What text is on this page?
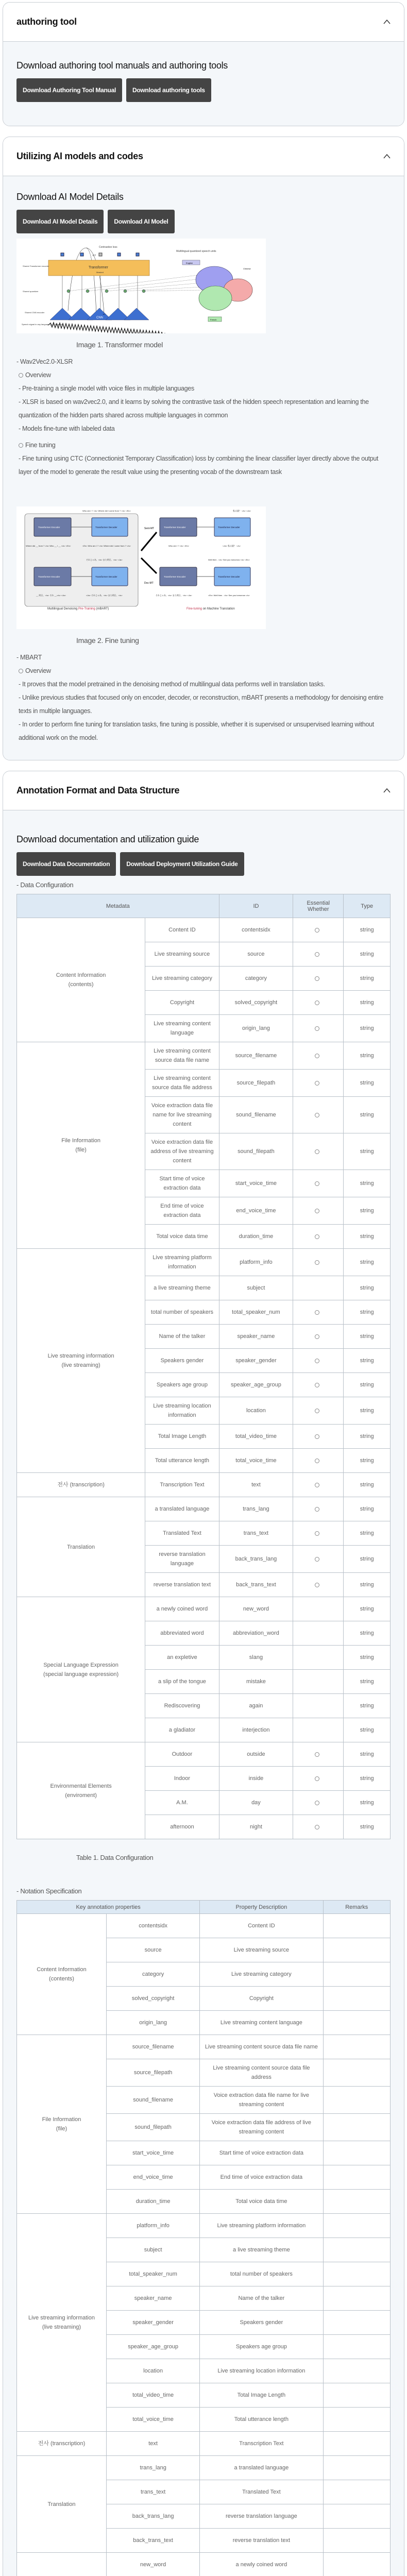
authoring tool
Download authoring tool manuals and authoring tools
Download Authoring Tool Manual	Download authoring tools
Utilizing AI models and codes
Download AI Model Details
Download AI Model Details	Download AI Model
Contrastive loss
Multilingual quantized speech units
c t
Shared Transformer encoder	Transformer
Masked
Shared quantizer
English
Chinese
French
z t
CNN
Shared CNN encoder
Speech signal in any language (e.g. English)
Image 1. Transformer model

- Wav2Vec2.0-XLSR

Overview

- Pre-training a single model with voice files in multiple languages

- XLSR is based on wav2vec2.0, and it learns by solving the contrastive task of the hidden speech representation and learning the quantization of the hidden parts shared across multiple languages in common

- Models fine-tune with labeled data

Fine tuning

- Fine tuning using CTC (Connectionist Temporary Classification) loss by combining the linear classifier layer directly above the output layer of the model to generate the result value using the presenting vocab of the downstream task

Who am I ? </s> Where did I come from ? </s> <En>
Where did __ from ? </s> Who __ I __ </s> <En>	<En> Who am I ? </s> Where did I come from ? </s>
それじゃあ、</s> また明日、</s> <Ja>
__ 明日、</s> それ __</s> <Ja>	<Ja> それじゃあ、</s> また明日、</s>
私は誰？ </s> <Ja>
Who am I ? </s> <En>	<Ja> 私は誰？ </s>
Well then . </s> See you tomorrow </s> <En>
それじゃあ、</s> また明日、</s> <Ja>	<En> Well then . </s> See you tomorrow </s>
Transformer Encoder	Transformer Decoder
Transformer Encoder	Transformer Decoder
Transformer Encoder	Transformer Decoder
Transformer Encoder	Transformer Decoder
Sent-MT
Doc-MT
Multilingual Denoising Pre-Training (mBART)	Fine-tuning on Machine Translation
Image 2. Fine tuning

- MBART

Overview

- It proves that the model pretrained in the denoising method of multilingual data performs well in translation tasks.

- Unlike previous studies that focused only on encoder, decoder, or reconstruction, mBART presents a methodology for denoising entire texts in multiple languages.

- In order to perform fine tuning for translation tasks, fine tuning is possible, whether it is supervised or unsupervised learning without additional work on the model.

Annotation Format and Data Structure
Download documentation and utilization guide
Download Data Documentation	Download Deployment Utilization Guide
- Data Configuration
Metadata		ID	Essential Whether	Type
Content Information
(contents)	Content ID	contentsidx		string
	Live streaming source	source		string
	Live streaming category	category		string
	Copyright	solved_copyright		string
	Live streaming content language	origin_lang		string
File Information
(file)	Live streaming content source data file name	source_filename		string
	Live streaming content source data file address	source_filepath		string
	Voice extraction data file name for live streaming content	sound_filename		string
	Voice extraction data file address of live streaming content	sound_filepath		string
	Start time of voice extraction data	start_voice_time		string
	End time of voice extraction data	end_voice_time		string
	Total voice data time	duration_time		string
Live streaming information
(live streaming)	Live streaming platform information	platform_info		string
	a live streaming theme	subject		string
	total number of speakers	total_speaker_num		string
	Name of the talker	speaker_name		string
	Speakers gender	speaker_gender		string
	Speakers age group	speaker_age_group		string
	Live streaming location information	location		string
	Total Image Length	total_video_time		string
	Total utterance length	total_voice_time		string
전사 (transcription)	Transcription Text	text		string
Translation	a translated language	trans_lang		string
	Translated Text	trans_text		string
	reverse translation language	back_trans_lang		string
	reverse translation text	back_trans_text		string
Special Language Expression
(special language expression)	a newly coined word	new_word		string
	abbreviated word	abbreviation_word		string
	an expletive	slang		string
	a slip of the tongue	mistake		string
	Rediscovering	again		string
	a gladiator	interjection		string
Environmental Elements
(enviroment)	Outdoor	outside		string
	Indoor	inside		string
	A.M.	day		string
	afternoon	night		string
Table 1. Data Configuration
- Notation Specification
Key annotation properties		Property Description	Remarks
Content Information
(contents)	contentsidx	Content ID	
	source	Live streaming source	
	category	Live streaming category	
	solved_copyright	Copyright	
	origin_lang	Live streaming content language	
File Information
(file)	source_filename	Live streaming content source data file name	
	source_filepath	Live streaming content source data file address	
	sound_filename	Voice extraction data file name for live streaming content	
	sound_filepath	Voice extraction data file address of live streaming content	
	start_voice_time	Start time of voice extraction data	
	end_voice_time	End time of voice extraction data	
	duration_time	Total voice data time	
Live streaming information
(live streaming)	platform_info	Live streaming platform information	
	subject	a live streaming theme	
	total_speaker_num	total number of speakers	
	speaker_name	Name of the talker	
	speaker_gender	Speakers gender	
	speaker_age_group	Speakers age group	
	location	Live streaming location information	
	total_video_time	Total Image Length	
	total_voice_time	Total utterance length	
전사 (transcription)	text	Transcription Text	
Translation	trans_lang	a translated language	
	trans_text	Translated Text	
	back_trans_lang	reverse translation language	
	back_trans_text	reverse translation text	
	new_word	a newly coined word	
